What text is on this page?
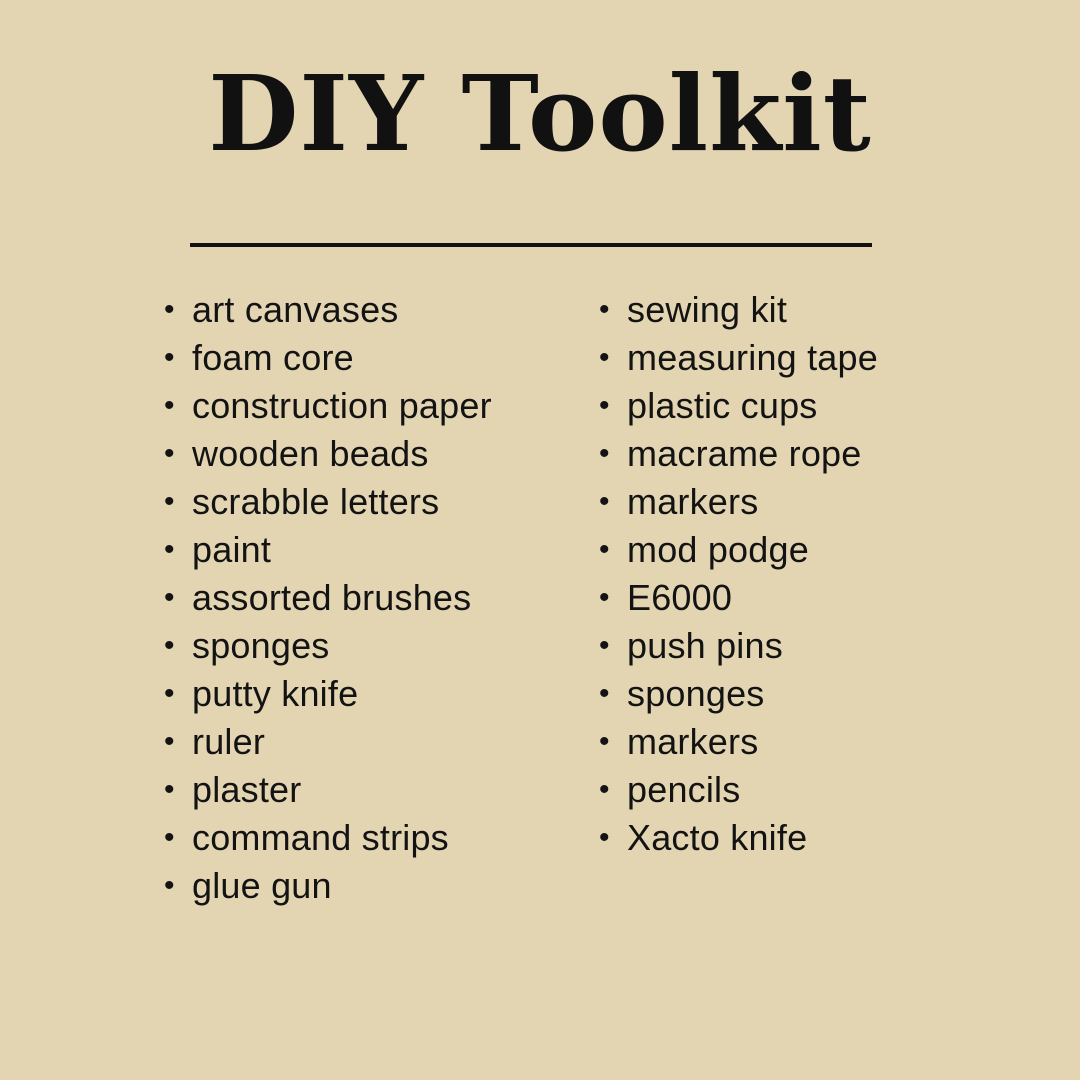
DIY Toolkit
• art canvases
• foam core
• construction paper
• wooden beads
• scrabble letters
• paint
• assorted brushes
• sponges
• putty knife
• ruler
• plaster
• command strips
• glue gun
• sewing kit
• measuring tape
• plastic cups
• macrame rope
• markers
• mod podge
• E6000
• push pins
• sponges
• markers
• pencils
• Xacto knife
